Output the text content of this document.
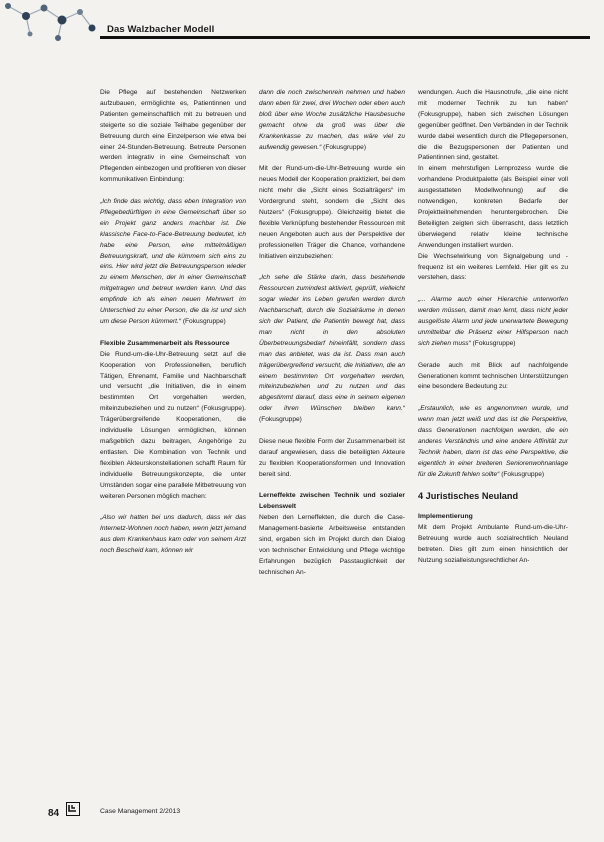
Das Walzbacher Modell

Die Pflege auf bestehenden Netzwerken aufzubauen, ermöglichte es, Patientinnen und Patienten gemeinschaftlich mit zu betreuen und steigerte so die soziale Teilhabe gegenüber der Betreuung durch eine Einzelperson wie etwa bei einer 24-Stunden-Betreuung. Betreute Personen werden integrativ in eine Gemeinschaft von Pflegenden einbezogen und profitieren von dieser kommunikativen Einbindung:

„Ich finde das wichtig, dass eben Integration von Pflegebedürftigen in eine Gemeinschaft über so ein Projekt ganz anders machbar ist. Die klassische Face-to-Face-Betreuung bedeutet, ich habe eine Person, eine mittelmäßigen Betreuungskraft, und die kümmern sich eins zu eins. Hier wird jetzt die Betreuungsperson wieder zu einem Menschen, der in einer Gemeinschaft mitgetragen und betreut werden kann. Und das empfinde ich als einen neuen Mehrwert im Unterschied zu einer Person, die da ist und sich um diese Person kümmert.“ (Fokusgruppe)

Flexible Zusammenarbeit als Ressource

Die Rund-um-die-Uhr-Betreuung setzt auf die Kooperation von Professionellen, beruflich Tätigen, Ehrenamt, Familie und Nachbarschaft und versucht „die Initiativen, die in einem bestimmten Ort vorgehalten werden, miteinzubeziehen und zu nutzen“ (Fokusgruppe). Trägerübergreifende Kooperationen, die individuelle Lösungen ermöglichen, können maßgeblich dazu beitragen, Angehörige zu entlasten. Die Kombination von Technik und flexiblen Akteurskonstellationen schafft Raum für individuelle Betreuungskonzepte, die unter Umständen sogar eine parallele Mitbetreuung von weiteren Personen möglich machen:

„Also wir hatten bei uns dadurch, dass wir das Internetz-Wohnen noch haben, wenn jetzt jemand aus dem Krankenhaus kam oder von seinem Arzt noch Bescheid kam, können wir

dann die noch zwischenrein nehmen und haben dann eben für zwei, drei Wochen oder eben auch bloß über eine Woche zusätzliche Hausbesuche gemacht ohne da groß was über die Krankenkasse zu machen, das wäre viel zu aufwendig gewesen.“ (Fokusgruppe)

Mit der Rund-um-die-Uhr-Betreuung wurde ein neues Modell der Kooperation praktiziert, bei dem nicht mehr die „Sicht eines Sozialträgers“ im Vordergrund steht, sondern die „Sicht des Nutzers“ (Fokusgruppe). Gleichzeitig bietet die flexible Verknüpfung bestehender Ressourcen mit neuen Angeboten auch aus der Perspektive der professionellen Träger die Chance, vorhandene Initiativen einzubeziehen:

„Ich sehe die Stärke darin, dass bestehende Ressourcen zumindest aktiviert, geprüft, vielleicht sogar wieder ins Leben gerufen werden durch Nachbarschaft, durch die Sozialräume in denen sich der Patient, die Patientin bewegt hat, dass man nicht in den absoluten Überbetreuungsbedarf hineinfällt, sondern dass man das anbietet, was da ist. Dass man auch trägerübergreifend versucht, die Initiativen, die an einem bestimmten Ort vorgehalten werden, miteinzubeziehen und zu nutzen und das abgestimmt darauf, dass eine in seinem eigenen oder ihren Wünschen bleiben kann.“ (Fokusgruppe)

Diese neue flexible Form der Zusammenarbeit ist darauf angewiesen, dass die beteiligten Akteure zu flexiblen Kooperationsformen und Innovation bereit sind.

Lerneffekte zwischen Technik und sozialer Lebenswelt

Neben den Lerneffekten, die durch die Case-Management-basierte Arbeitsweise entstanden sind, ergaben sich im Projekt durch den Dialog von technischer Entwicklung und Pflege wichtige Erfahrungen bezüglich Passtauglichkeit der technischen An-

wendungen. Auch die Hausnotrufe, „die eine nicht mit moderner Technik zu tun haben“ (Fokusgruppe), haben sich zwischen Lösungen gegenüber geöffnet. Den Verbänden in der Technik wurde dabei wesentlich durch die Pflegepersonen, die die Bezugspersonen der Patienten und Patientinnen sind, gestaltet.

In einem mehrstufigen Lernprozess wurde die vorhandene Produktpalette (als Beispiel einer voll ausgestatteten Modellwohnung) auf die notwendigen, konkreten Bedarfe der Projektteilnehmenden heruntergebrochen. Die Beteiligten zeigten sich überrascht, dass letztlich überwiegend relativ kleine technische Anwendungen installiert wurden.

Die Wechselwirkung von Signalgebung und -frequenz ist ein weiteres Lernfeld. Hier gilt es zu verstehen, dass:

„... Alarme auch einer Hierarchie unterworfen werden müssen, damit man lernt, dass nicht jeder ausgelöste Alarm und jede unerwartete Bewegung unmittelbar die Präsenz einer Hilfsperson nach sich ziehen muss“ (Fokusgruppe)

Gerade auch mit Blick auf nachfolgende Generationen kommt technischen Unterstützungen eine besondere Bedeutung zu:

„Erstaunlich, wie es angenommen wurde, und wenn man jetzt weiß und das ist die Perspektive, dass Generationen nachfolgen werden, die ein anderes Verständnis und eine andere Affinität zur Technik haben, dann ist das eine Perspektive, die eigentlich in einer breiteren Seniorenwohnanlage für die Zukunft fehlen sollte“ (Fokusgruppe)

4 Juristisches Neuland
Implementierung

Mit dem Projekt Ambulante Rund-um-die-Uhr-Betreuung wurde auch sozialrechtlich Neuland betreten. Dies gilt zum einen hinsichtlich der Nutzung sozialleistungsrechtlicher An-

84	Case Management 2/2013
